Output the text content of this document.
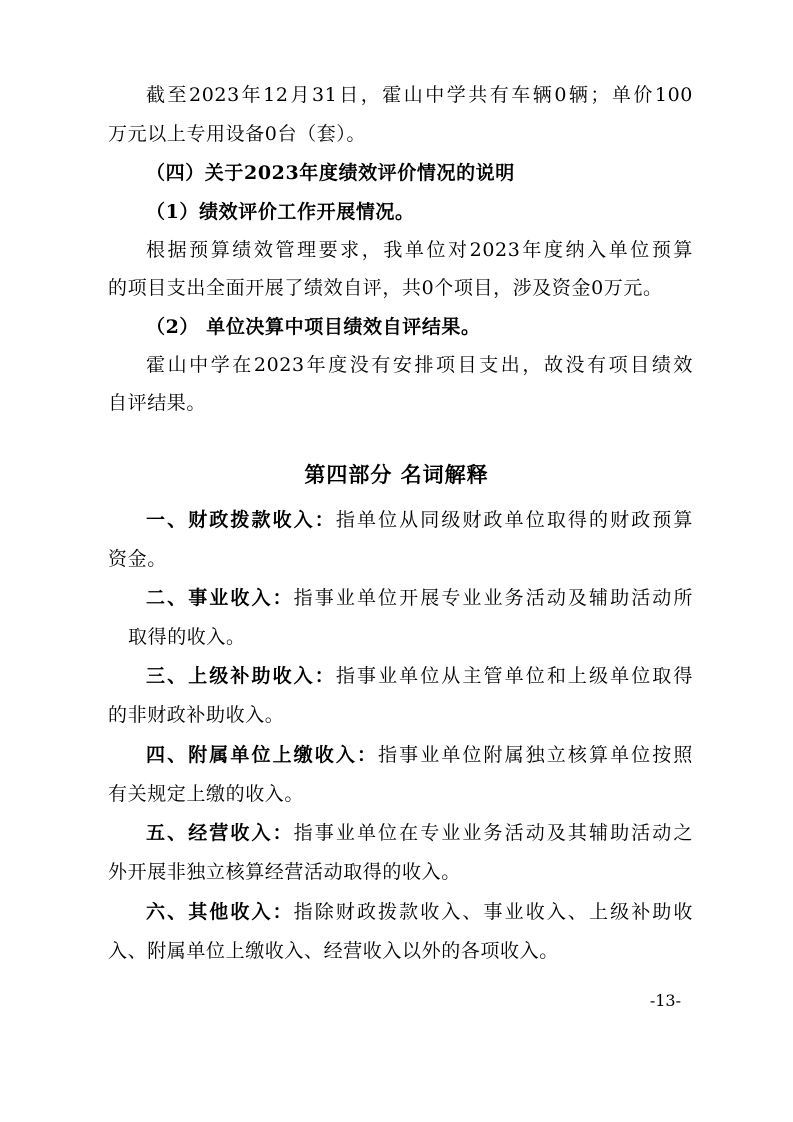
截至2023年12月31日，霍山中学共有车辆0辆；单价100
万元以上专用设备0台（套）。
（四）关于2023年度绩效评价情况的说明
（1）绩效评价工作开展情况。
根据预算绩效管理要求，我单位对2023年度纳入单位预算
的项目支出全面开展了绩效自评，共0个项目，涉及资金0万元。
（2） 单位决算中项目绩效自评结果。
霍山中学在2023年度没有安排项目支出，故没有项目绩效
自评结果。
第四部分 名词解释
一、财政拨款收入：指单位从同级财政单位取得的财政预算
资金。
二、事业收入：指事业单位开展专业业务活动及辅助活动所
取得的收入。
三、上级补助收入：指事业单位从主管单位和上级单位取得
的非财政补助收入。
四、附属单位上缴收入：指事业单位附属独立核算单位按照
有关规定上缴的收入。
五、经营收入：指事业单位在专业业务活动及其辅助活动之
外开展非独立核算经营活动取得的收入。
六、其他收入：指除财政拨款收入、事业收入、上级补助收
入、附属单位上缴收入、经营收入以外的各项收入。
-13-
